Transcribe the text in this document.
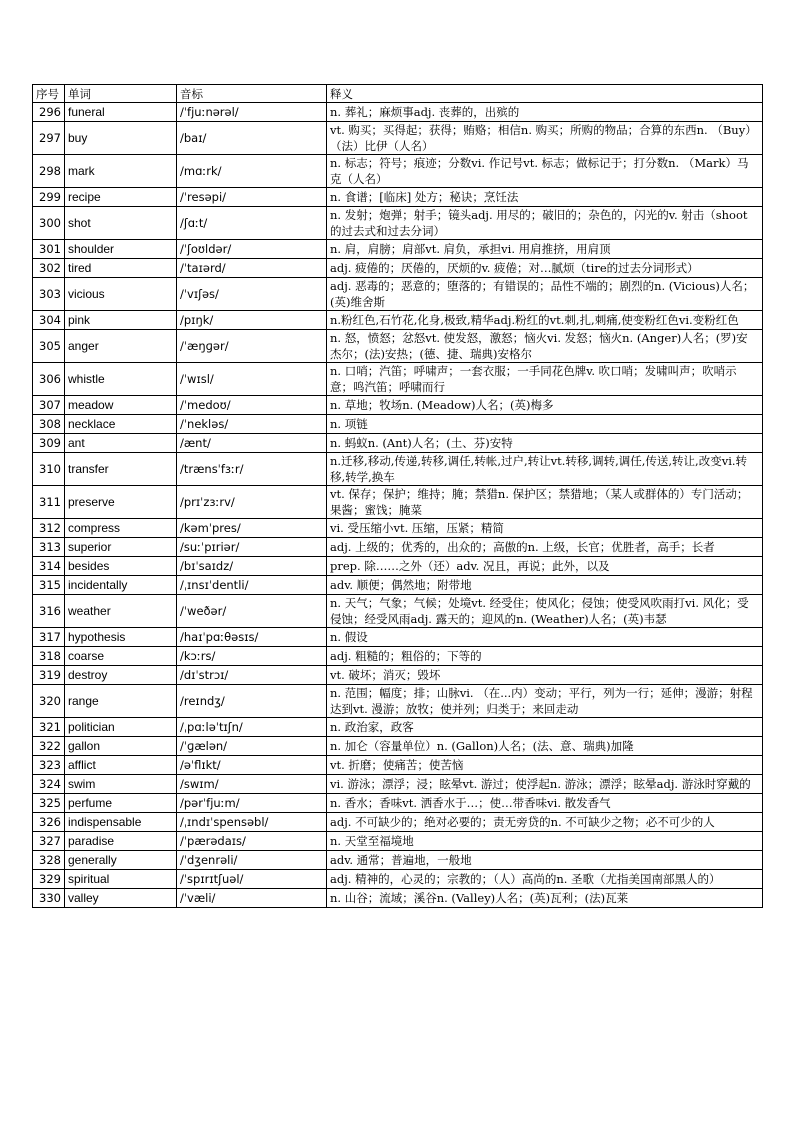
序号	单词	音标	释义
296	funeral	/ˈfjuːnərəl/	n. 葬礼；麻烦事adj. 丧葬的，出殡的
297	buy	/baɪ/	vt. 购买；买得起；获得；贿赂；相信n. 购买；所购的物品；合算的东西n. （Buy）（法）比伊（人名）
298	mark	/mɑːrk/	n. 标志；符号；痕迹；分数vi. 作记号vt. 标志；做标记于；打分数n. （Mark）马克（人名）
299	recipe	/ˈresəpi/	n. 食谱；[临床] 处方；秘诀；烹饪法
300	shot	/ʃɑːt/	n. 发射；炮弹；射手；镜头adj. 用尽的；破旧的；杂色的，闪光的v. 射击（shoot的过去式和过去分词）
301	shoulder	/ˈʃoʊldər/	n. 肩，肩膀；肩部vt. 肩负，承担vi. 用肩推挤，用肩顶
302	tired	/ˈtaɪərd/	adj. 疲倦的；厌倦的，厌烦的v. 疲倦；对…腻烦（tire的过去分词形式）
303	vicious	/ˈvɪʃəs/	adj. 恶毒的；恶意的；堕落的；有错误的；品性不端的；剧烈的n. (Vicious)人名；(英)维舍斯
304	pink	/pɪŋk/	n.粉红色,石竹花,化身,极致,精华adj.粉红的vt.刺,扎,刺痛,使变粉红色vi.变粉红色
305	anger	/ˈæŋɡər/	n. 怒，愤怒；忿怒vt. 使发怒，激怒；恼火vi. 发怒；恼火n. (Anger)人名；(罗)安杰尔；(法)安热；(德、捷、瑞典)安格尔
306	whistle	/ˈwɪsl/	n. 口哨；汽笛；呼啸声；一套衣服；一手同花色牌v. 吹口哨；发啸叫声；吹哨示意；鸣汽笛；呼啸而行
307	meadow	/ˈmedoʊ/	n. 草地；牧场n. (Meadow)人名；(英)梅多
308	necklace	/ˈnekləs/	n. 项链
309	ant	/ænt/	n. 蚂蚁n. (Ant)人名；(土、芬)安特
310	transfer	/trænsˈfɜːr/	n.迁移,移动,传递,转移,调任,转帐,过户,转让vt.转移,调转,调任,传送,转让,改变vi.转移,转学,换车
311	preserve	/prɪˈzɜːrv/	vt. 保存；保护；维持；腌；禁猎n. 保护区；禁猎地；（某人或群体的）专门活动；果酱；蜜饯；腌菜
312	compress	/kəmˈpres/	vi. 受压缩小vt. 压缩，压紧；精简
313	superior	/suːˈpɪriər/	adj. 上级的；优秀的，出众的；高傲的n. 上级，长官；优胜者，高手；长者
314	besides	/bɪˈsaɪdz/	prep. 除……之外（还）adv. 况且，再说；此外，以及
315	incidentally	/ˌɪnsɪˈdentli/	adv. 顺便；偶然地；附带地
316	weather	/ˈweðər/	n. 天气；气象；气候；处境vt. 经受住；使风化；侵蚀；使受风吹雨打vi. 风化；受侵蚀；经受风雨adj. 露天的；迎风的n. (Weather)人名；(英)韦瑟
317	hypothesis	/haɪˈpɑːθəsɪs/	n. 假设
318	coarse	/kɔːrs/	adj. 粗糙的；粗俗的；下等的
319	destroy	/dɪˈstrɔɪ/	vt. 破坏；消灭；毁坏
320	range	/reɪndʒ/	n. 范围；幅度；排；山脉vi. （在...内）变动；平行，列为一行；延伸；漫游；射程达到vt. 漫游；放牧；使并列；归类于；来回走动
321	politician	/ˌpɑːləˈtɪʃn/	n. 政治家，政客
322	gallon	/ˈɡælən/	n. 加仑（容量单位）n. (Gallon)人名；(法、意、瑞典)加隆
323	afflict	/əˈflɪkt/	vt. 折磨；使痛苦；使苦恼
324	swim	/swɪm/	vi. 游泳；漂浮；浸；眩晕vt. 游过；使浮起n. 游泳；漂浮；眩晕adj. 游泳时穿戴的
325	perfume	/pərˈfjuːm/	n. 香水；香味vt. 洒香水于…；使…带香味vi. 散发香气
326	indispensable	/ˌɪndɪˈspensəbl/	adj. 不可缺少的；绝对必要的；责无旁贷的n. 不可缺少之物；必不可少的人
327	paradise	/ˈpærədaɪs/	n. 天堂至福境地
328	generally	/ˈdʒenrəli/	adv. 通常；普遍地，一般地
329	spiritual	/ˈspɪrɪtʃuəl/	adj. 精神的，心灵的；宗教的；（人）高尚的n. 圣歌（尤指美国南部黑人的）
330	valley	/ˈvæli/	n. 山谷；流域；溪谷n. (Valley)人名；(英)瓦利；(法)瓦莱
